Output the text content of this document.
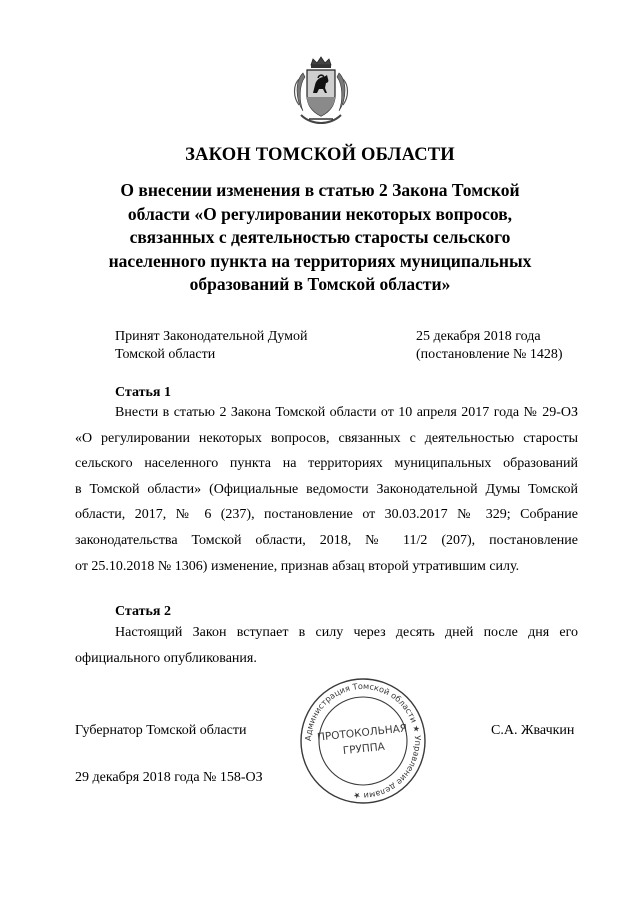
ЗАКОН ТОМСКОЙ ОБЛАСТИ
О внесении изменения в статью 2 Закона Томской
области «О регулировании некоторых вопросов,
связанных с деятельностью старосты сельского
населенного пункта на территориях муниципальных
образований в Томской области»
Принят Законодательной Думой
Томской области
25 декабря 2018 года
(постановление № 1428)
Статья 1
Внести в статью 2 Закона Томской области от 10 апреля 2017 года № 29-ОЗ
«О регулировании некоторых вопросов, связанных с деятельностью старосты
сельского населенного пункта на территориях муниципальных образований
в Томской области» (Официальные ведомости Законодательной Думы Томской
области, 2017, № 6 (237), постановление от 30.03.2017 № 329; Собрание
законодательства Томской области, 2018, № 11/2 (207), постановление
от 25.10.2018 № 1306) изменение, признав абзац второй утратившим силу.
Статья 2
Настоящий Закон вступает в силу через десять дней после дня его
официального опубликования.
Губернатор Томской области	С.А. Жвачкин
29 декабря 2018 года № 158-ОЗ
Администрация Томской области ★ Управление делами ★
ПРОТОКОЛЬНАЯ
ГРУППА
